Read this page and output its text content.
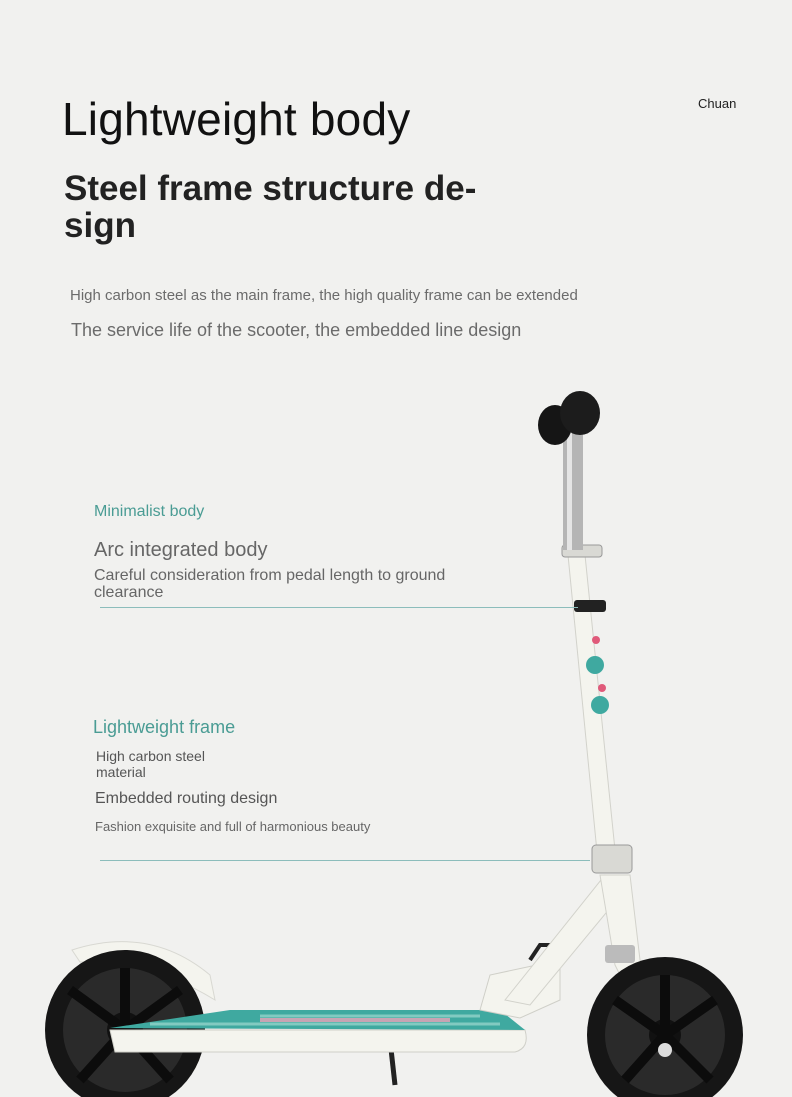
Chuan
Lightweight body
Steel frame structure de-sign
High carbon steel as the main frame, the high quality frame can be extended
The service life of the scooter, the embedded line design
Minimalist body
Arc integrated body
Careful consideration from pedal length to ground clearance
Lightweight frame
High carbon steel material
Embedded routing design
Fashion exquisite and full of harmonious beauty
